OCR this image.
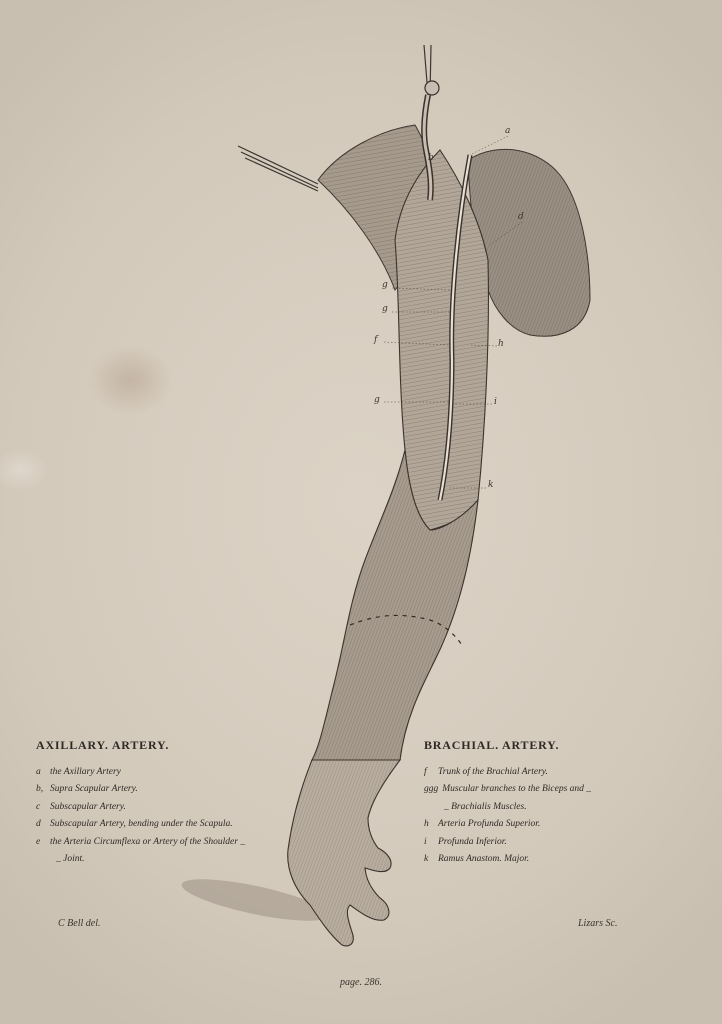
a
b
d
g
g
f	h
g	i
k
AXILLARY. ARTERY.
a the Axillary Artery
b, Supra Scapular Artery.
c Subscapular Artery.
d Subscapular Artery, bending under the Scapula.
e the Arteria Circumflexa or Artery of the Shoulder _
_ Joint.
BRACHIAL. ARTERY.
f Trunk of the Brachial Artery.
ggg Muscular branches to the Biceps and _
_ Brachialis Muscles.
h Arteria Profunda Superior.
i Profunda Inferior.
k Ramus Anastom. Major.
C Bell del.	Lizars Sc.
page. 286.
